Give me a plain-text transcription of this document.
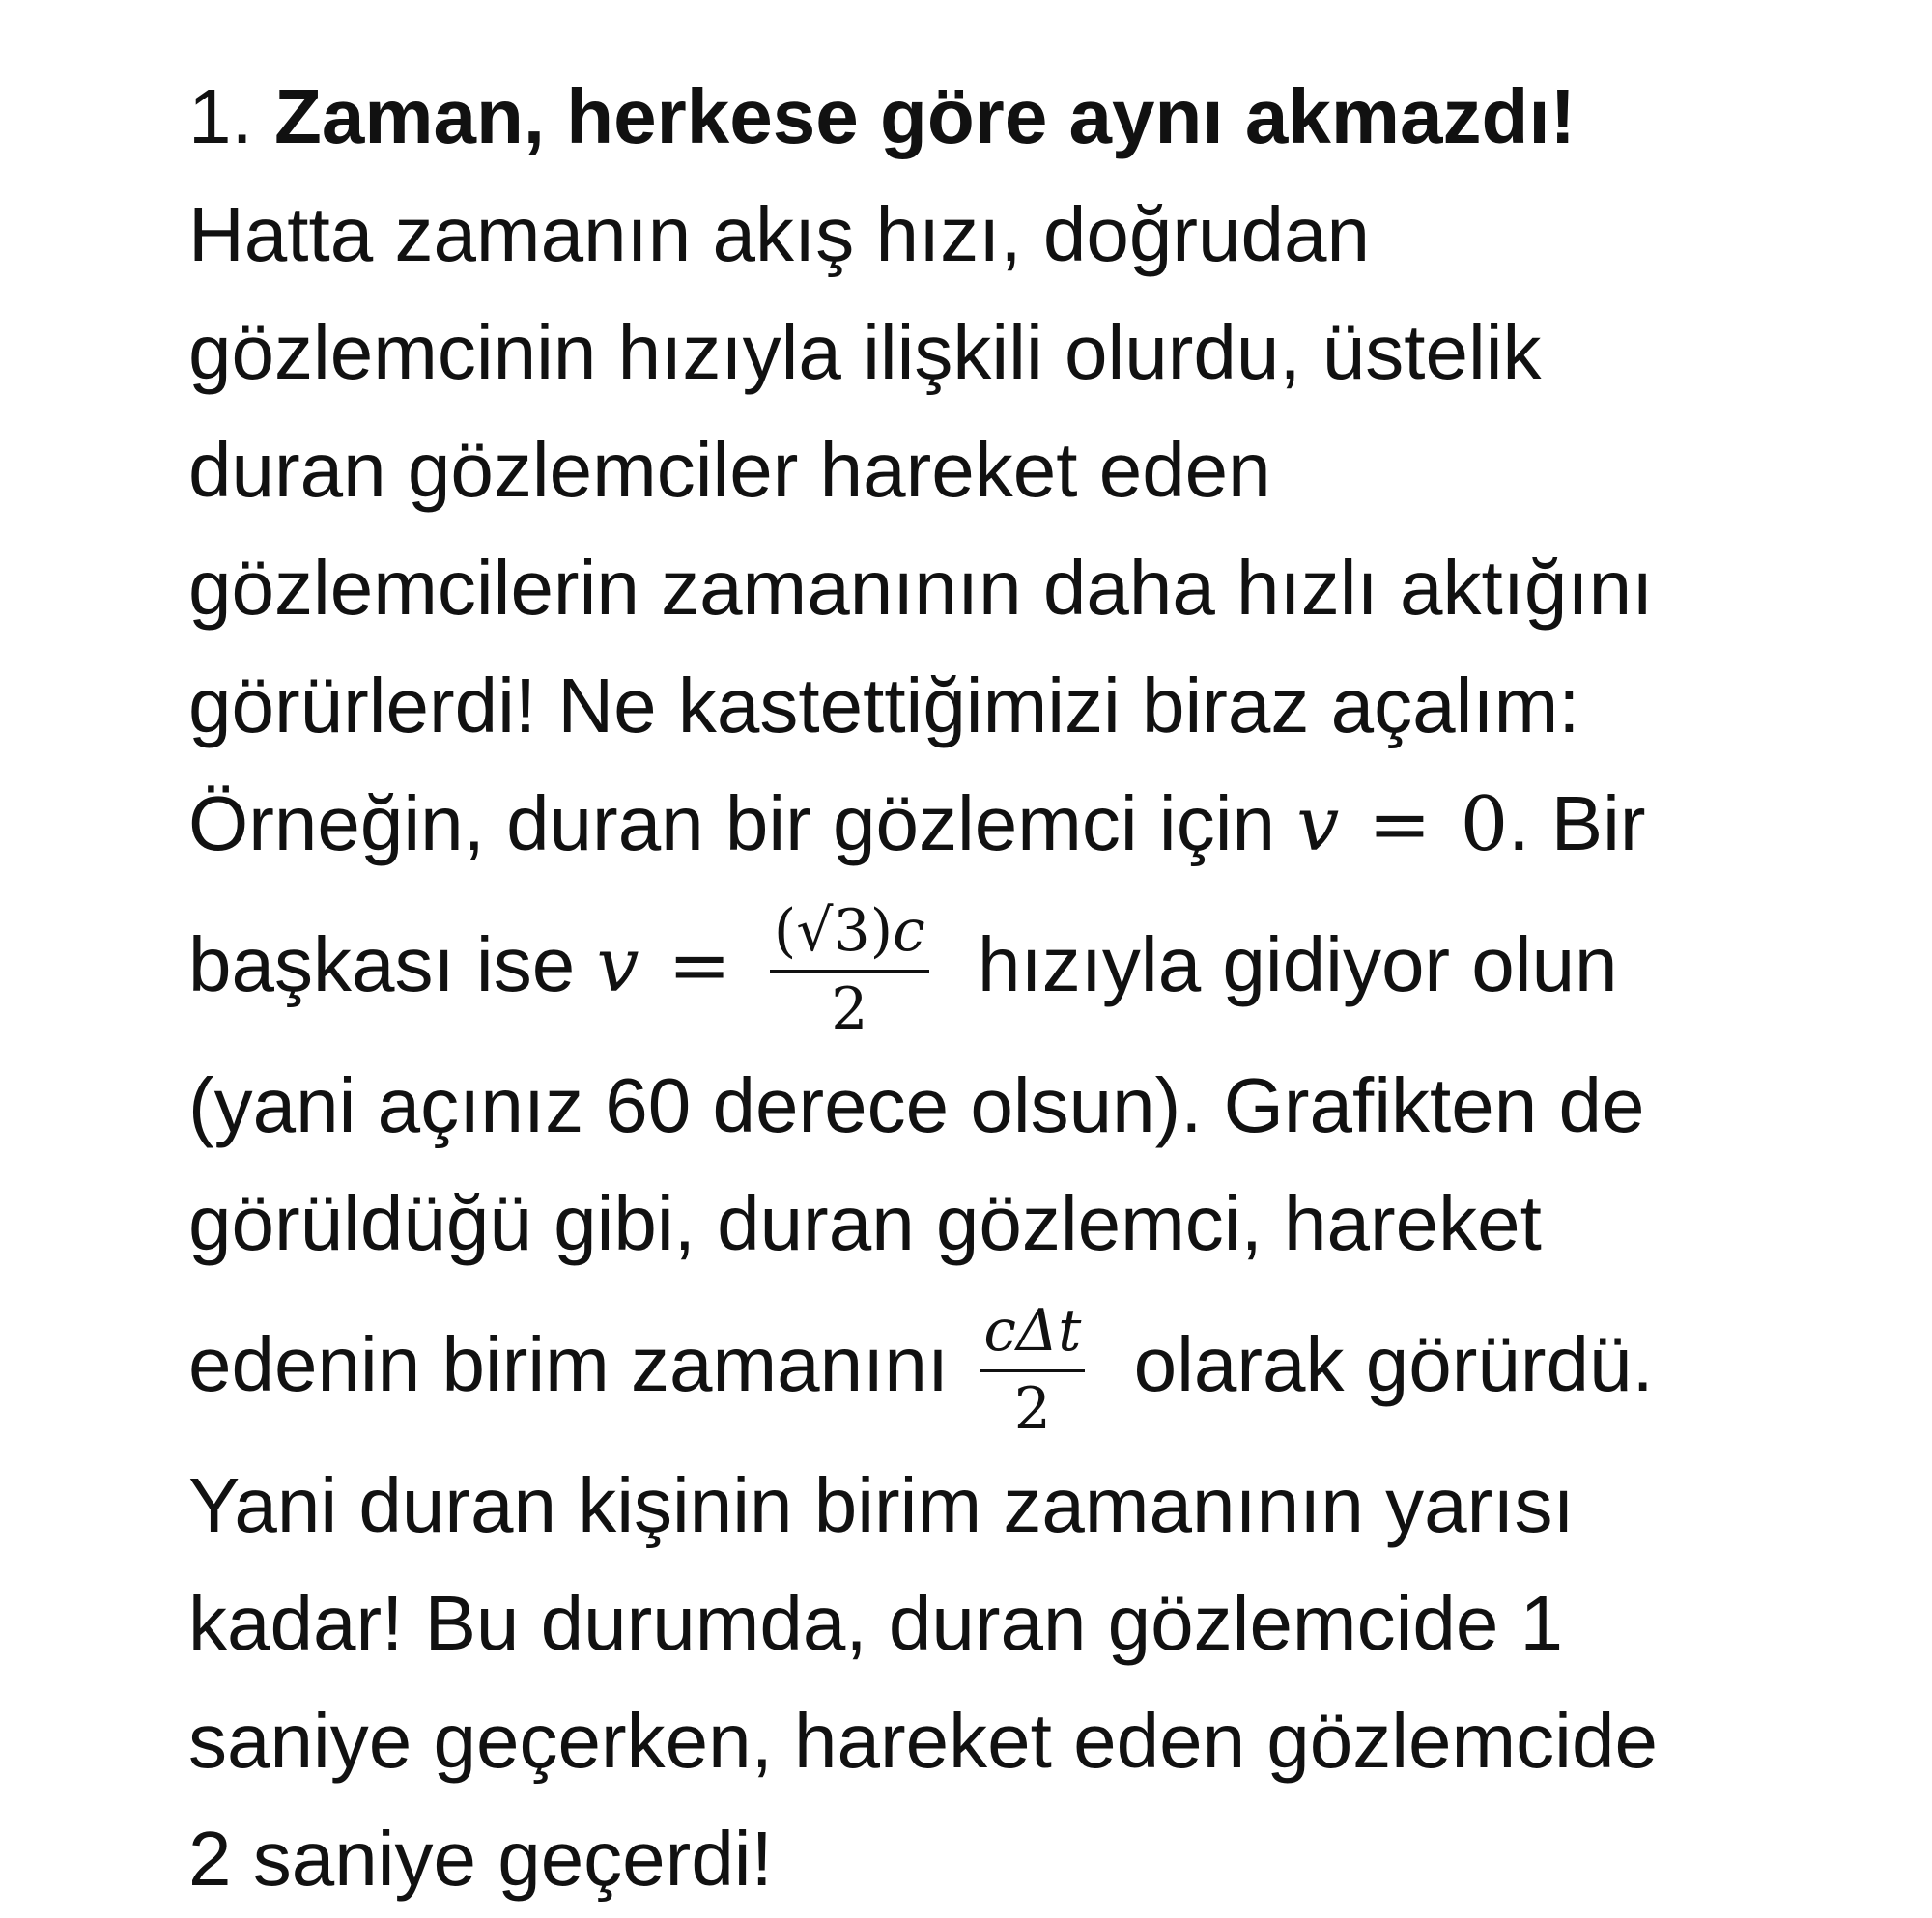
1. Zaman, herkese göre aynı akmazdı!
Hatta zamanın akış hızı, doğrudan
gözlemcinin hızıyla ilişkili olurdu, üstelik
duran gözlemciler hareket eden
gözlemcilerin zamanının daha hızlı aktığını
görürlerdi! Ne kastettiğimizi biraz açalım:
Örneğin, duran bir gözlemci için v = 0. Bir
başkası ise $v = \frac{(√3)c}{2}$ hızıyla gidiyor olun
(yani açınız 60 derece olsun). Grafikten de
görüldüğü gibi, duran gözlemci, hareket
edenin birim zamanını $\frac{\text{cΔt}}{2}$ olarak görürdü.
Yani duran kişinin birim zamanının yarısı
kadar! Bu durumda, duran gözlemcide 1
saniye geçerken, hareket eden gözlemcide
2 saniye geçerdi!
